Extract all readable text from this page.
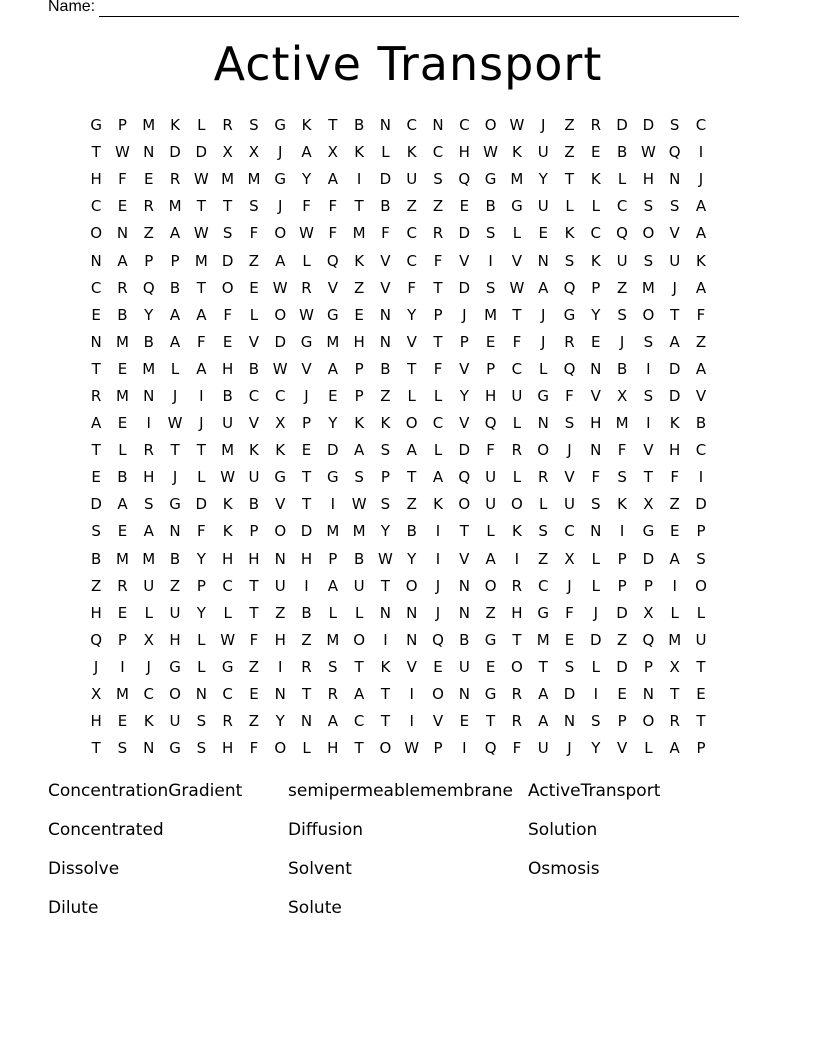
Name:
Active Transport
G	P	M K	L	R	S	G	K	T	B	N	C	N	C	O W	J	Z	R	D D	S	C
T W N D D	X	X	J	A	X	K	L	K	C	H W K	U	Z	E	B W Q	I
H	F	E	R W M M G	Y	A	I	D	U	S	Q G M	Y	T	K	L	H	N	J
C	E	R M	T	T	S	J	F	F	T	B	Z	Z	E	B	G	U	L	L	C	S	S	A
O N	Z	A W S	F	O W F	M	F	C	R	D	S	L	E	K	C	Q O	V	A
N	A	P	P	M D	Z	A	L	Q	K	V	C	F	V	I	V	N	S	K	U	S	U	K
C	R	Q	B	T	O	E W R	V	Z	V	F	T	D	S W A	Q	P	Z M	J	A
E	B	Y	A	A	F	L	O W G	E	N	Y	P	J	M	T	J	G	Y	S	O	T	F
N M B	A	F	E	V	D G M H	N	V	T	P	E	F	J	R	E	J	S	A	Z
T	E	M	L	A	H	B W V	A	P	B	T	F	V	P	C	L	Q N	B	I	D	A
R M N	J	I	B	C	C	J	E	P	Z	L	L	Y	H	U G	F	V	X	S	D	V
A	E	I	W	J	U	V	X	P	Y	K	K	O	C	V	Q	L	N	S	H M	I	K	B
T	L	R	T	T	M K	K	E	D	A	S	A	L	D	F	R	O	J	N	F	V	H	C
E	B	H	J	L W U G	T	G	S	P	T	A	Q U	L	R	V	F	S	T	F	I
D	A	S	G D	K	B	V	T	I	W S	Z	K	O U O	L	U	S	K	X	Z	D
S	E	A	N	F	K	P	O D M M	Y	B	I	T	L	K	S	C	N	I	G	E	P
B M M B	Y	H	H	N	H	P	B W Y	I	V	A	I	Z	X	L	P	D	A	S
Z	R	U	Z	P	C	T	U	I	A	U	T	O	J	N O	R	C	J	L	P	P	I	O
H	E	L	U	Y	L	T	Z	B	L	L	N	N	J	N	Z	H G	F	J	D	X	L	L
Q	P	X	H	L W F	H	Z M O	I	N Q	B	G	T	M	E	D	Z	Q M U
J	I	J	G	L	G	Z	I	R	S	T	K	V	E	U	E	O	T	S	L	D	P	X	T
X M C	O N	C	E	N	T	R	A	T	I	O N G	R	A	D	I	E	N	T	E
H	E	K	U	S	R	Z	Y	N	A	C	T	I	V	E	T	R	A	N	S	P	O	R	T
T	S	N G	S	H	F	O	L	H	T	O W P	I	Q	F	U	J	Y	V	L	A	P
ConcentrationGradient	semipermeablemembrane ActiveTransport
Concentrated	Diffusion	Solution
Dissolve	Solvent	Osmosis
Dilute	Solute
